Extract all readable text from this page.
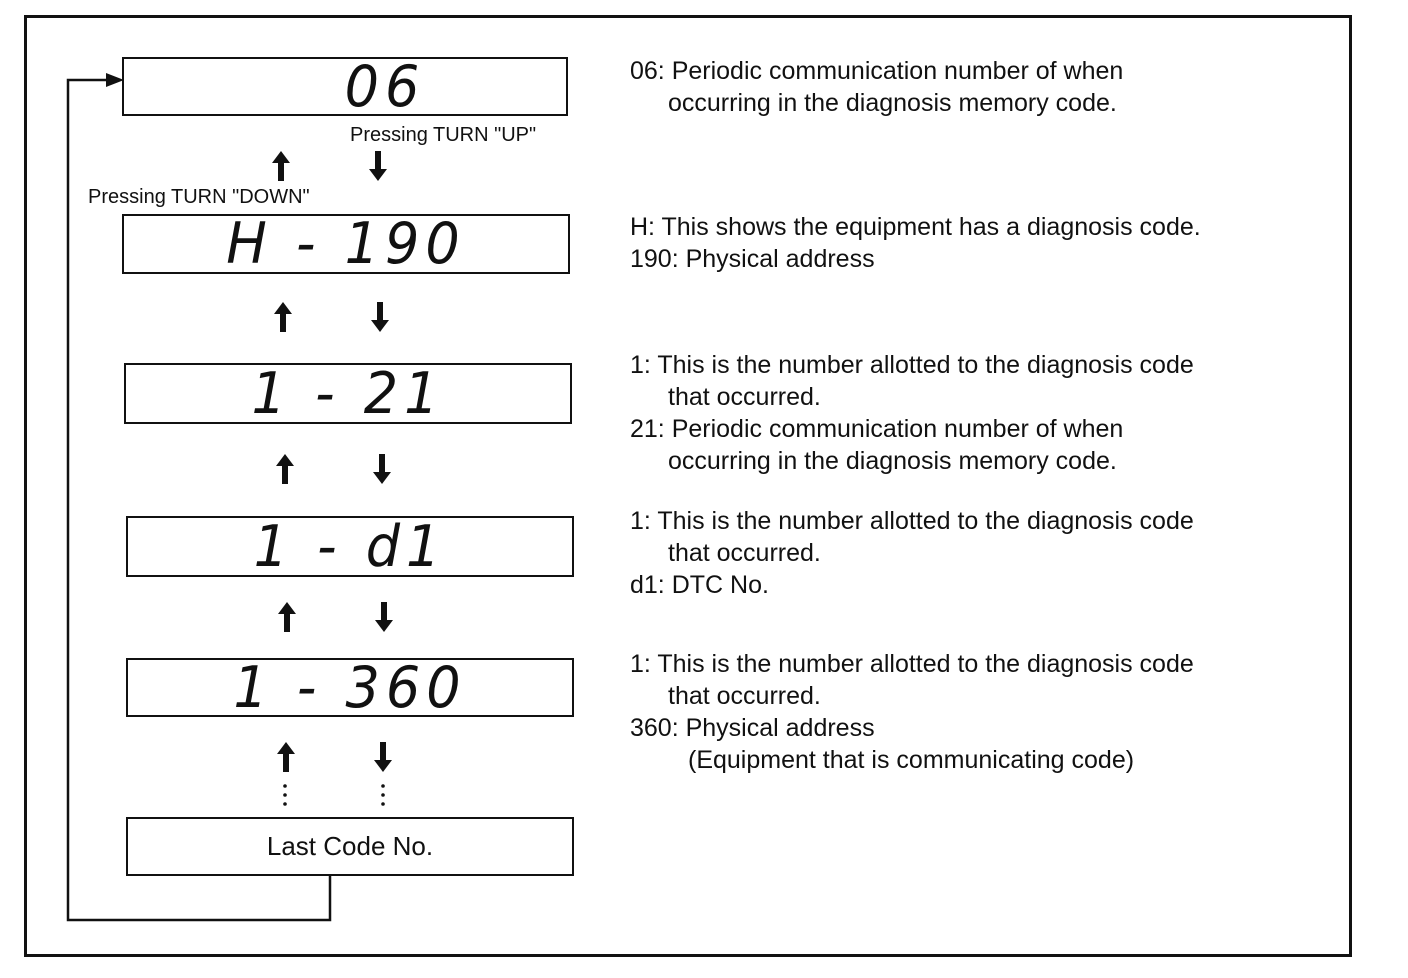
06
H - 190
1 - 21
1 - d1
1 - 360
Last Code No.
Pressing TURN "UP"
Pressing TURN "DOWN"
06: Periodic communication number of when
occurring in the diagnosis memory code.
H: This shows the equipment has a diagnosis code.
190: Physical address
1: This is the number allotted to the diagnosis code
that occurred.
21: Periodic communication number of when
occurring in the diagnosis memory code.
1: This is the number allotted to the diagnosis code
that occurred.
d1: DTC No.
1: This is the number allotted to the diagnosis code
that occurred.
360: Physical address
(Equipment that is communicating code)
